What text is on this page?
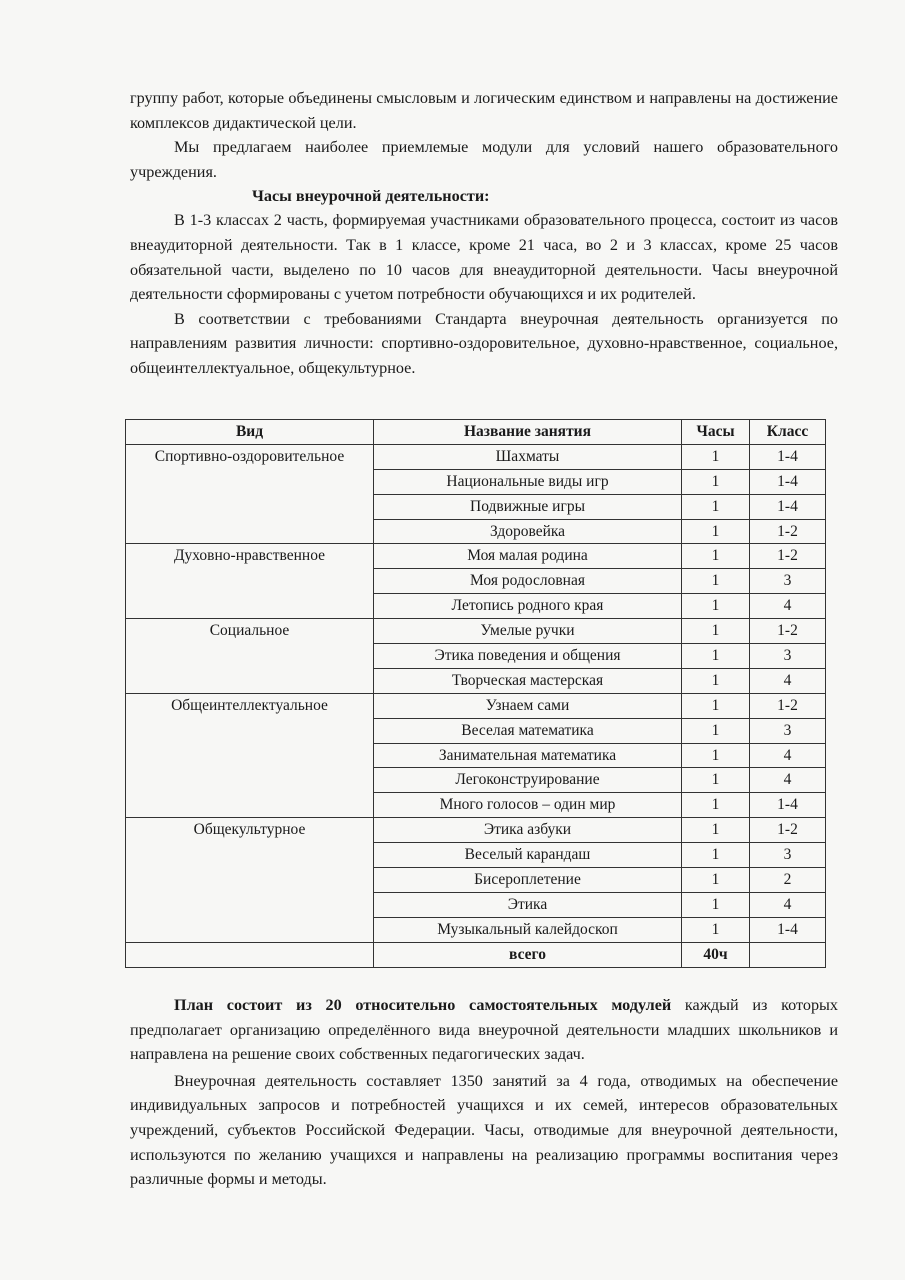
группу работ, которые объединены смысловым и логическим единством и направлены на достижение комплексов дидактической цели.

Мы предлагаем наиболее приемлемые модули для условий нашего образовательного учреждения.

Часы внеурочной деятельности:

В 1-3 классах 2 часть, формируемая участниками образовательного процесса, состоит из часов внеаудиторной деятельности. Так в 1 классе, кроме 21 часа, во 2 и 3 классах, кроме 25 часов обязательной части, выделено по 10 часов для внеаудиторной деятельности. Часы внеурочной деятельности сформированы с учетом потребности обучающихся и их родителей.

В соответствии с требованиями Стандарта внеурочная деятельность организуется по направлениям развития личности: спортивно-оздоровительное, духовно-нравственное, социальное, общеинтеллектуальное, общекультурное.

Вид	Название занятия	Часы	Класс
Спортивно-оздоровительное	Шахматы	1	1-4
	Национальные виды игр	1	1-4
	Подвижные игры	1	1-4
	Здоровейка	1	1-2
Духовно-нравственное	Моя малая родина	1	1-2
	Моя родословная	1	3
	Летопись родного края	1	4
Социальное	Умелые ручки	1	1-2
	Этика поведения и общения	1	3
	Творческая мастерская	1	4
Общеинтеллектуальное	Узнаем сами	1	1-2
	Веселая математика	1	3
	Занимательная математика	1	4
	Легоконструирование	1	4
	Много голосов – один мир	1	1-4
Общекультурное	Этика азбуки	1	1-2
	Веселый карандаш	1	3
	Бисероплетение	1	2
	Этика	1	4
	Музыкальный калейдоскоп	1	1-4
	всего	40ч	

План состоит из 20 относительно самостоятельных модулей каждый из которых предполагает организацию определённого вида внеурочной деятельности младших школьников и направлена на решение своих собственных педагогических задач.

Внеурочная деятельность составляет 1350 занятий за 4 года, отводимых на обеспечение индивидуальных запросов и потребностей учащихся и их семей, интересов образовательных учреждений, субъектов Российской Федерации. Часы, отводимые для внеурочной деятельности, используются по желанию учащихся и направлены на реализацию программы воспитания через различные формы и методы.
